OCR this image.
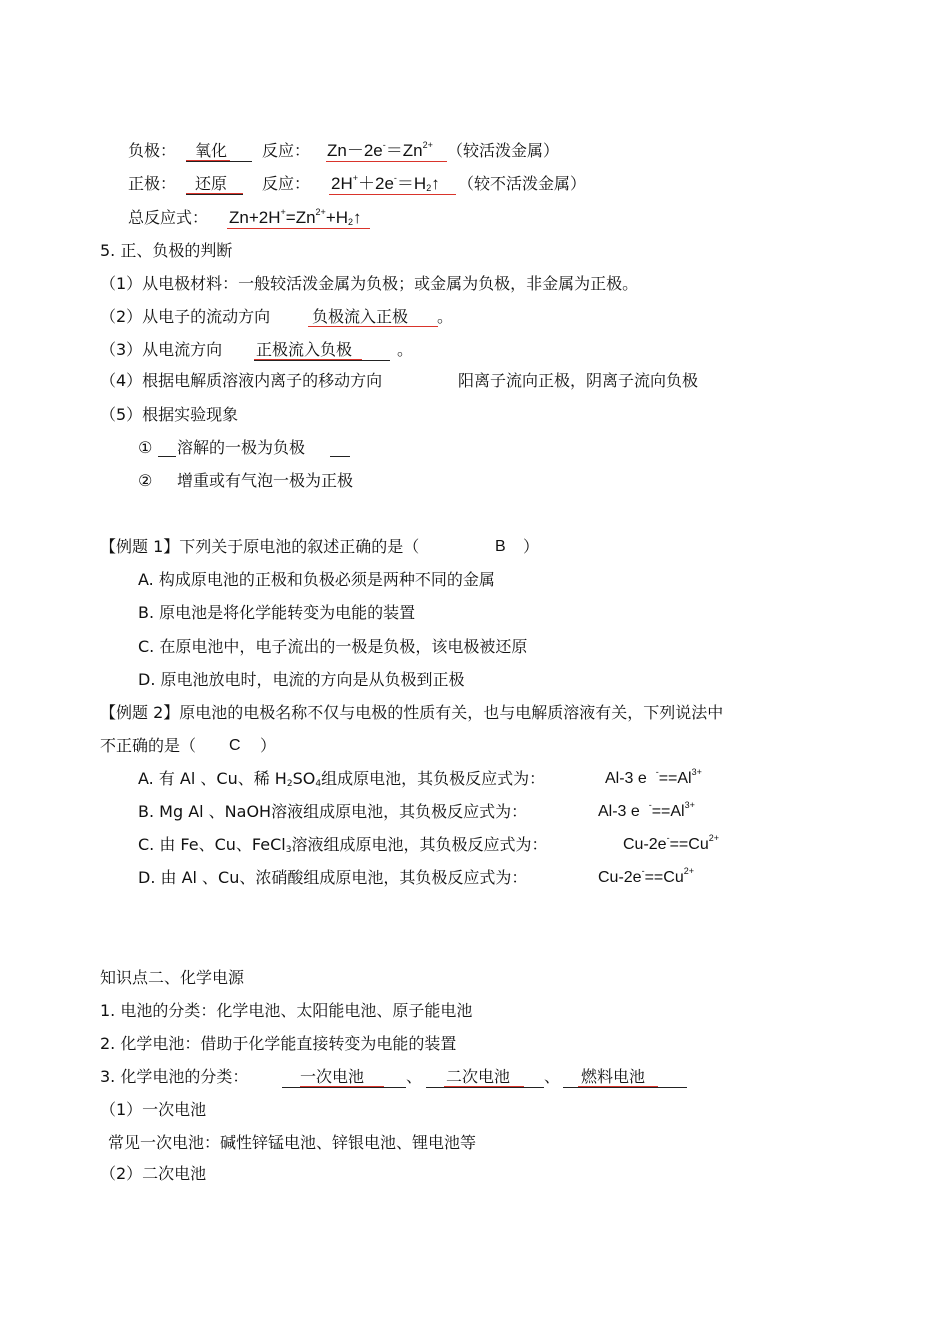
负极： 氧化 反应： $Zn-2e^-=Zn^{2+}$ （较活泼金属）
正极： 还原 反应： $2H^++2e^-=H_2↑$ （较不活泼金属）
总反应式： $Zn+2H^+=Zn^{2+}+H_2↑$
5. 正、负极的判断
（1）从电极材料：一般较活泼金属为负极；或金属为负极，非金属为正极。
（2）从电子的流动方向	负极流入正极 。
（3）从电流方向 正极流入负极	。
（4）根据电解质溶液内离子的移动方向	阳离子流向正极，阴离子流向负极
（5）根据实验现象
① 溶解的一极为负极
② 增重或有气泡一极为正极
【例题 1】下列关于原电池的叙述正确的是（	B ）
A. 构成原电池的正极和负极必须是两种不同的金属
B. 原电池是将化学能转变为电能的装置
C. 在原电池中，电子流出的一极是负极，该电极被还原
D. 原电池放电时，电流的方向是从负极到正极
【例题 2】原电池的电极名称不仅与电极的性质有关，也与电解质溶液有关，下列说法中
不正确的是（ C ）
A. 有 Al 、Cu、稀 $H_2SO_4$组成原电池，其负极反应式为：	Al-3 e $^-==Al^{3+}$
B. Mg Al 、NaOH溶液组成原电池，其负极反应式为：	Al-3 e $^-==Al^{3+}$
C. 由 Fe、Cu、FeCl$_3$溶液组成原电池，其负极反应式为：	$Cu-2e^-==Cu^{2+}$
D. 由 Al 、Cu、浓硝酸组成原电池，其负极反应式为：	$Cu-2e^-==Cu^{2+}$
知识点二、化学电源
1. 电池的分类：化学电池、太阳能电池、原子能电池
2. 化学电池：借助于化学能直接转变为电能的装置
3. 化学电池的分类：	一次电池	、 二次电池 、 燃料电池
（1）一次电池
常见一次电池：碱性锌锰电池、锌银电池、锂电池等
（2）二次电池
